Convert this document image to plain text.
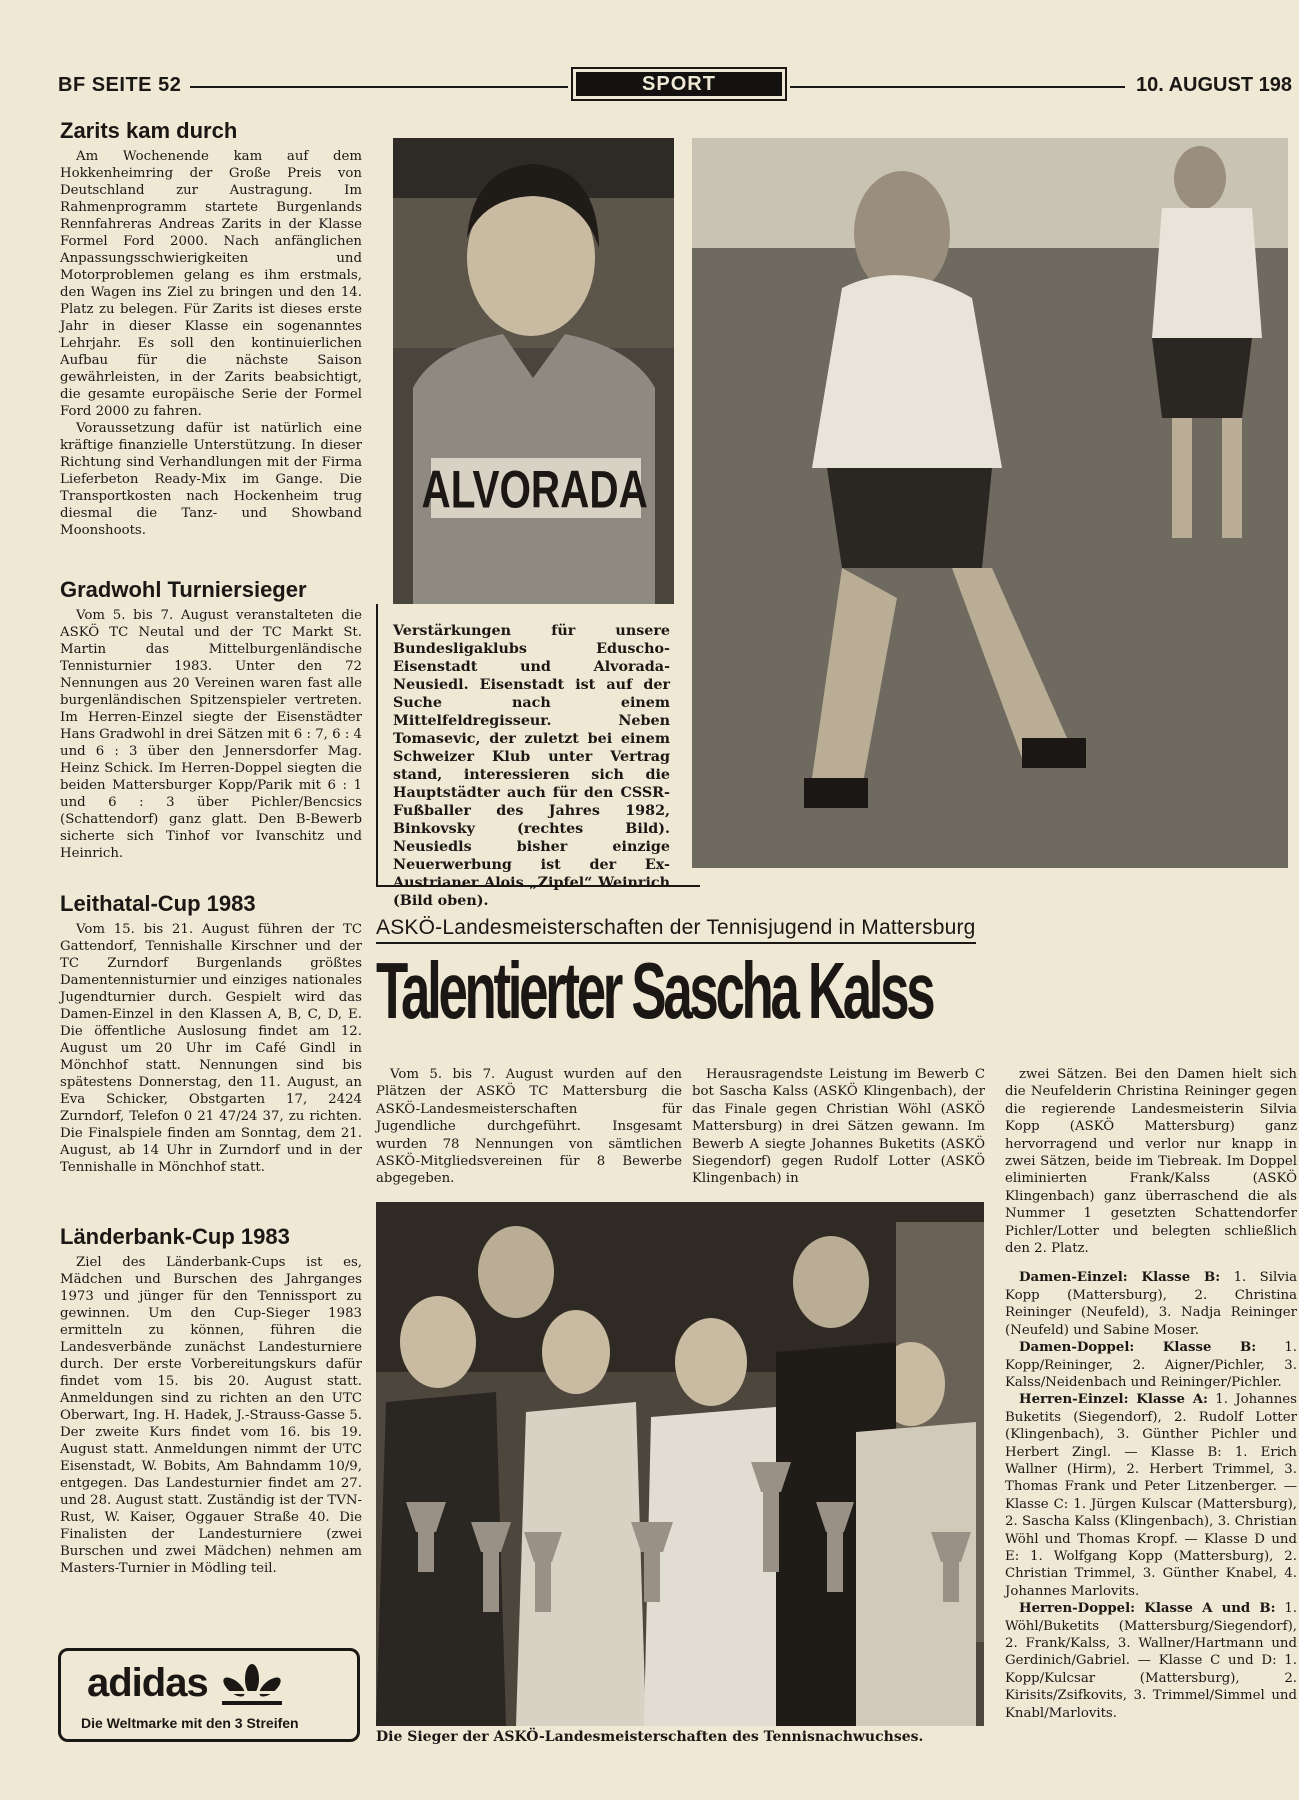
BF SEITE 52	SPORT	10. AUGUST 198
Zarits kam durch

Am Wochenende kam auf dem Hokkenheimring der Große Preis von Deutschland zur Austragung. Im Rahmenprogramm startete Burgenlands Rennfahreras Andreas Zarits in der Klasse Formel Ford 2000. Nach anfänglichen Anpassungsschwierigkeiten und Motorproblemen gelang es ihm erstmals, den Wagen ins Ziel zu bringen und den 14. Platz zu belegen. Für Zarits ist dieses erste Jahr in dieser Klasse ein sogenanntes Lehrjahr. Es soll den kontinuierlichen Aufbau für die nächste Saison gewährleisten, in der Zarits beabsichtigt, die gesamte europäische Serie der Formel Ford 2000 zu fahren.

Voraussetzung dafür ist natürlich eine kräftige finanzielle Unterstützung. In dieser Richtung sind Verhandlungen mit der Firma Lieferbeton Ready-Mix im Gange. Die Transportkosten nach Hockenheim trug diesmal die Tanz- und Showband Moonshoots.

Gradwohl Turniersieger

Vom 5. bis 7. August veranstalteten die ASKÖ TC Neutal und der TC Markt St. Martin das Mittelburgenländische Tennisturnier 1983. Unter den 72 Nennungen aus 20 Vereinen waren fast alle burgenländischen Spitzenspieler vertreten. Im Herren-Einzel siegte der Eisenstädter Hans Gradwohl in drei Sätzen mit 6 : 7, 6 : 4 und 6 : 3 über den Jennersdorfer Mag. Heinz Schick. Im Herren-Doppel siegten die beiden Mattersburger Kopp/Parik mit 6 : 1 und 6 : 3 über Pichler/Bencsics (Schattendorf) ganz glatt. Den B-Bewerb sicherte sich Tinhof vor Ivanschitz und Heinrich.

Leithatal-Cup 1983

Vom 15. bis 21. August führen der TC Gattendorf, Tennishalle Kirschner und der TC Zurndorf Burgenlands größtes Damentennisturnier und einziges nationales Jugendturnier durch. Gespielt wird das Damen-Einzel in den Klassen A, B, C, D, E. Die öffentliche Auslosung findet am 12. August um 20 Uhr im Café Gindl in Mönchhof statt. Nennungen sind bis spätestens Donnerstag, den 11. August, an Eva Schicker, Obstgarten 17, 2424 Zurndorf, Telefon 0 21 47/24 37, zu richten. Die Finalspiele finden am Sonntag, dem 21. August, ab 14 Uhr in Zurndorf und in der Tennishalle in Mönchhof statt.

Länderbank-Cup 1983

Ziel des Länderbank-Cups ist es, Mädchen und Burschen des Jahrganges 1973 und jünger für den Tennissport zu gewinnen. Um den Cup-Sieger 1983 ermitteln zu können, führen die Landesverbände zunächst Landesturniere durch. Der erste Vorbereitungskurs dafür findet vom 15. bis 20. August statt. Anmeldungen sind zu richten an den UTC Oberwart, Ing. H. Hadek, J.-Strauss-Gasse 5. Der zweite Kurs findet vom 16. bis 19. August statt. Anmeldungen nimmt der UTC Eisenstadt, W. Bobits, Am Bahndamm 10/9, entgegen. Das Landesturnier findet am 27. und 28. August statt. Zuständig ist der TVN-Rust, W. Kaiser, Oggauer Straße 40. Die Finalisten der Landesturniere (zwei Burschen und zwei Mädchen) nehmen am Masters-Turnier in Mödling teil.

adidas
Die Weltmarke mit den 3 Streifen
ALVORADA
Verstärkungen für unsere Bundesligaklubs Eduscho-Eisenstadt und Alvorada-Neusiedl. Eisenstadt ist auf der Suche nach einem Mittelfeldregisseur. Neben Tomasevic, der zuletzt bei einem Schweizer Klub unter Vertrag stand, interessieren sich die Hauptstädter auch für den CSSR-Fußballer des Jahres 1982, Binkovsky (rechtes Bild). Neusiedls bisher einzige Neuerwerbung ist der Ex-Austrianer Alois „Zipfel“ Weinrich (Bild oben).
ASKÖ-Landesmeisterschaften der Tennisjugend in Mattersburg
Talentierter Sascha Kalss

Vom 5. bis 7. August wurden auf den Plätzen der ASKÖ TC Mattersburg die ASKÖ-Landesmeisterschaften für Jugendliche durchgeführt. Insgesamt wurden 78 Nennungen von sämtlichen ASKÖ-Mitgliedsvereinen für 8 Bewerbe abgegeben.

Herausragendste Leistung im Bewerb C bot Sascha Kalss (ASKÖ Klingenbach), der das Finale gegen Christian Wöhl (ASKÖ Mattersburg) in drei Sätzen gewann. Im Bewerb A siegte Johannes Buketits (ASKÖ Siegendorf) gegen Rudolf Lotter (ASKÖ Klingenbach) in

Die Sieger der ASKÖ-Landesmeisterschaften des Tennisnachwuchses.

zwei Sätzen. Bei den Damen hielt sich die Neufelderin Christina Reininger gegen die regierende Landesmeisterin Silvia Kopp (ASKÖ Mattersburg) ganz hervorragend und verlor nur knapp in zwei Sätzen, beide im Tiebreak. Im Doppel eliminierten Frank/Kalss (ASKÖ Klingenbach) ganz überraschend die als Nummer 1 gesetzten Schattendorfer Pichler/Lotter und belegten schließlich den 2. Platz.

Damen-Einzel: Klasse B: 1. Silvia Kopp (Mattersburg), 2. Christina Reininger (Neufeld), 3. Nadja Reininger (Neufeld) und Sabine Moser.

Damen-Doppel: Klasse B: 1. Kopp/Reininger, 2. Aigner/Pichler, 3. Kalss/Neidenbach und Reininger/Pichler.

Herren-Einzel: Klasse A: 1. Johannes Buketits (Siegendorf), 2. Rudolf Lotter (Klingenbach), 3. Günther Pichler und Herbert Zingl. — Klasse B: 1. Erich Wallner (Hirm), 2. Herbert Trimmel, 3. Thomas Frank und Peter Litzenberger. — Klasse C: 1. Jürgen Kulscar (Mattersburg), 2. Sascha Kalss (Klingenbach), 3. Christian Wöhl und Thomas Kropf. — Klasse D und E: 1. Wolfgang Kopp (Mattersburg), 2. Christian Trimmel, 3. Günther Knabel, 4. Johannes Marlovits.

Herren-Doppel: Klasse A und B: 1. Wöhl/Buketits (Mattersburg/Siegendorf), 2. Frank/Kalss, 3. Wallner/Hartmann und Gerdinich/Gabriel. — Klasse C und D: 1. Kopp/Kulcsar (Mattersburg), 2. Kirisits/Zsifkovits, 3. Trimmel/Simmel und Knabl/Marlovits.
